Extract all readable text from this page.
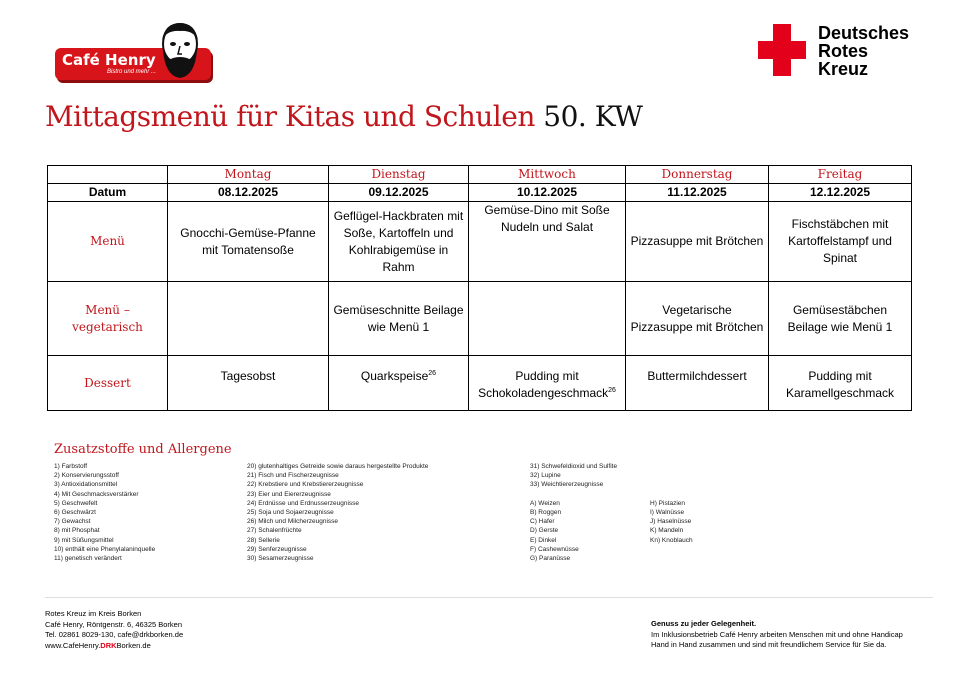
Café Henry
Bistro und mehr ...
Deutsches
Rotes
Kreuz
Mittagsmenü für Kitas und Schulen 50. KW
	Montag	Dienstag	Mittwoch	Donnerstag	Freitag
Datum	08.12.2025	09.12.2025	10.12.2025	11.12.2025	12.12.2025
Menü	Gnocchi-Gemüse-Pfanne mit Tomatensoße	Geflügel-Hackbraten mit Soße, Kartoffeln und Kohlrabigemüse in Rahm	Gemüse-Dino mit Soße Nudeln und Salat	Pizzasuppe mit Brötchen	Fischstäbchen mit Kartoffelstampf und Spinat
Menü – vegetarisch		Gemüseschnitte Beilage wie Menü 1		Vegetarische Pizzasuppe mit Brötchen	Gemüsestäbchen Beilage wie Menü 1
Dessert	Tagesobst	Quarkspeise$^{26}$	Pudding mit Schokoladengeschmack$^{26}$	Buttermilchdessert	Pudding mit Karamellgeschmack
Zusatzstoffe und Allergene
1) Farbstoff
2) Konservierungsstoff
3) Antioxidationsmittel
4) Mit Geschmacksverstärker
5) Geschwefelt
6) Geschwärzt
7) Gewachst
8) mit Phosphat
9) mit Süßungsmittel
10) enthält eine Phenylalaninquelle
11) genetisch verändert
20) glutenhaltiges Getreide sowie daraus hergestellte Produkte
21) Fisch und Fischerzeugnisse
22) Krebstiere und Krebstiererzeugnisse
23) Eier und Eiererzeugnisse
24) Erdnüsse und Erdnusserzeugnisse
25) Soja und Sojaerzeugnisse
26) Milch und Milcherzeugnisse
27) Schalenfrüchte
28) Sellerie
29) Senferzeugnisse
30) Sesamerzeugnisse
31) Schwefeldioxid und Sulfite
32) Lupine
33) Weichtiererzeugnisse
A) Weizen
B) Roggen
C) Hafer
D) Gerste
E) Dinkel
F) Cashewnüsse
G) Paranüsse
H) Pistazien
I) Walnüsse
J) Haselnüsse
K) Mandeln
Kn) Knoblauch
Rotes Kreuz im Kreis Borken
Café Henry, Röntgenstr. 6, 46325 Borken
Tel. 02861 8029-130, cafe@drkborken.de
www.CafeHenry.DRKBorken.de
Genuss zu jeder Gelegenheit.
Im Inklusionsbetrieb Café Henry arbeiten Menschen mit und ohne Handicap
Hand in Hand zusammen und sind mit freundlichem Service für Sie da.
